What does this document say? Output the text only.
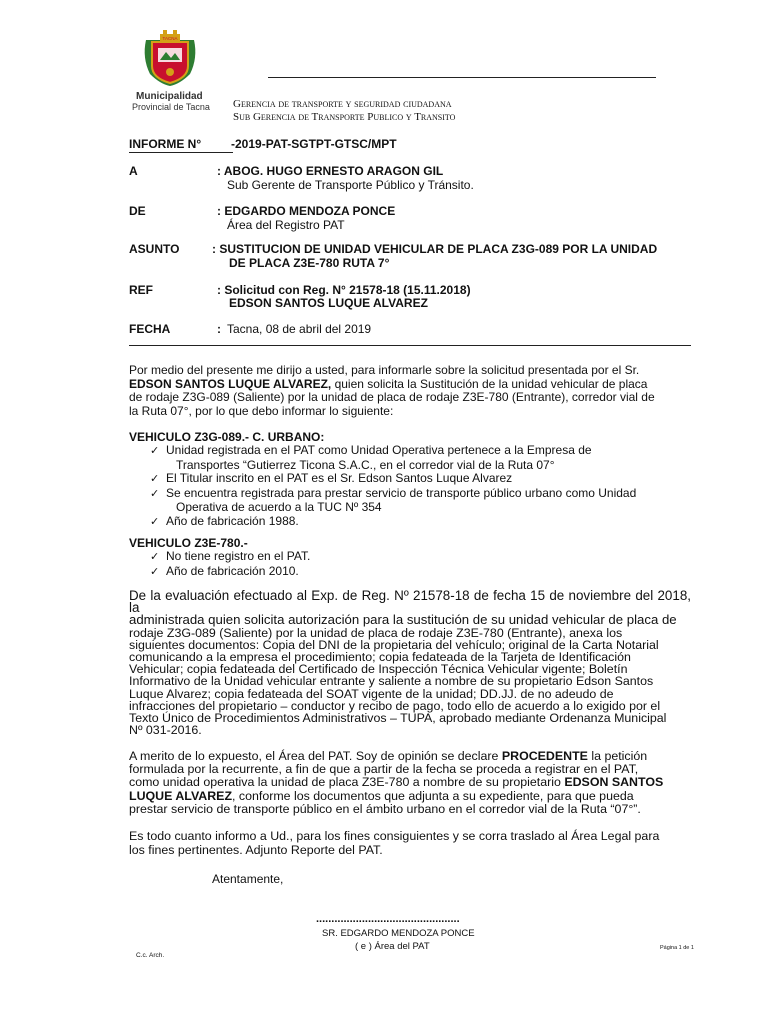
TACNA
Municipalidad
Provincial de Tacna Gerencia de transporte y seguridad ciudadana
Sub Gerencia de Transporte Publico y Transito
INFORME N° -2019-PAT-SGTPT-GTSC/MPT
A	: ABOG. HUGO ERNESTO ARAGON GIL
Sub Gerente de Transporte Público y Tránsito.
DE	: EDGARDO MENDOZA PONCE
Área del Registro PAT
ASUNTO	: SUSTITUCION DE UNIDAD VEHICULAR DE PLACA Z3G-089 POR LA UNIDAD
DE PLACA Z3E-780 RUTA 7°
REF	: Solicitud con Reg. N° 21578-18 (15.11.2018)
EDSON SANTOS LUQUE ALVAREZ
FECHA	: Tacna, 08 de abril del 2019
Por medio del presente me dirijo a usted, para informarle sobre la solicitud presentada por el Sr.
EDSON SANTOS LUQUE ALVAREZ, quien solicita la Sustitución de la unidad vehicular de placa
de rodaje Z3G-089 (Saliente) por la unidad de placa de rodaje Z3E-780 (Entrante), corredor vial de
la Ruta 07°, por lo que debo informar lo siguiente:
VEHICULO Z3G-089.- C. URBANO:
✓ Unidad registrada en el PAT como Unidad Operativa pertenece a la Empresa de
Transportes “Gutierrez Ticona S.A.C., en el corredor vial de la Ruta 07°
✓ El Titular inscrito en el PAT es el Sr. Edson Santos Luque Alvarez
✓ Se encuentra registrada para prestar servicio de transporte público urbano como Unidad
Operativa de acuerdo a la TUC Nº 354
✓ Año de fabricación 1988.
VEHICULO Z3E-780.-
✓ No tiene registro en el PAT.
✓ Año de fabricación 2010.
De la evaluación efectuado al Exp. de Reg. Nº 21578-18 de fecha 15 de noviembre del 2018, la
administrada quien solicita autorización para la sustitución de su unidad vehicular de placa de
rodaje Z3G-089 (Saliente) por la unidad de placa de rodaje Z3E-780 (Entrante), anexa los
siguientes documentos: Copia del DNI de la propietaria del vehículo; original de la Carta Notarial
comunicando a la empresa el procedimiento; copia fedateada de la Tarjeta de Identificación
Vehicular; copia fedateada del Certificado de Inspección Técnica Vehicular vigente; Boletín
Informativo de la Unidad vehicular entrante y saliente a nombre de su propietario Edson Santos
Luque Alvarez; copia fedateada del SOAT vigente de la unidad; DD.JJ. de no adeudo de
infracciones del propietario – conductor y recibo de pago, todo ello de acuerdo a lo exigido por el
Texto Único de Procedimientos Administrativos – TUPA, aprobado mediante Ordenanza Municipal
Nº 031-2016.
A merito de lo expuesto, el Área del PAT. Soy de opinión se declare PROCEDENTE la petición
formulada por la recurrente, a fin de que a partir de la fecha se proceda a registrar en el PAT,
como unidad operativa la unidad de placa Z3E-780 a nombre de su propietario EDSON SANTOS
LUQUE ALVAREZ, conforme los documentos que adjunta a su expediente, para que pueda
prestar servicio de transporte público en el ámbito urbano en el corredor vial de la Ruta “07°”.
Es todo cuanto informo a Ud., para los fines consiguientes y se corra traslado al Área Legal para
los fines pertinentes. Adjunto Reporte del PAT.
Atentamente,
...............................................
SR. EDGARDO MENDOZA PONCE
( e ) Área del PAT
C.c. Arch.
Página 1 de 1
